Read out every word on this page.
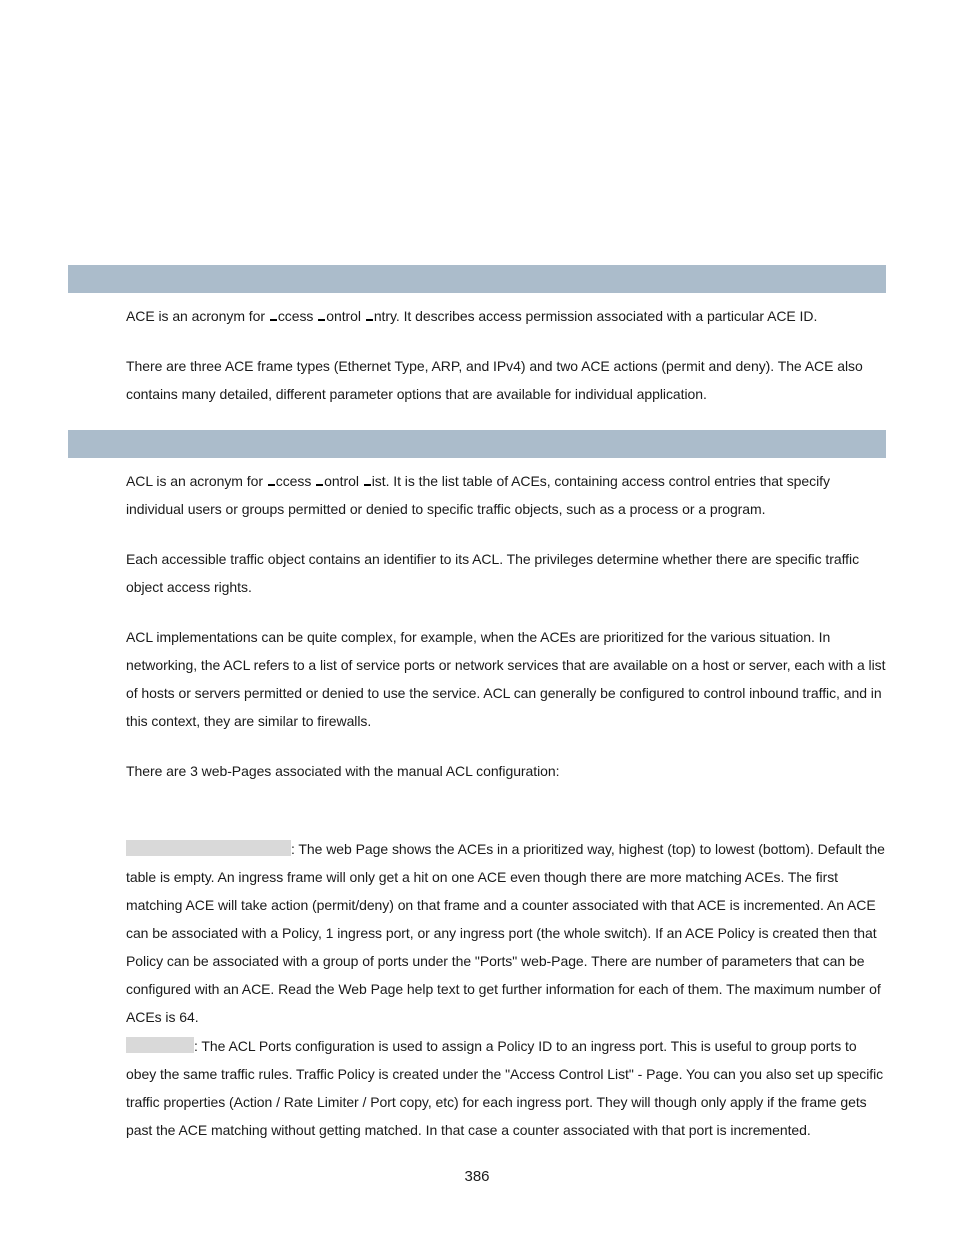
ACE is an acronym for ccess ontrol ntry. It describes access permission associated with a particular ACE ID.

There are three ACE frame types (Ethernet Type, ARP, and IPv4) and two ACE actions (permit and deny). The ACE also contains many detailed, different parameter options that are available for individual application.

ACL is an acronym for ccess ontrol ist. It is the list table of ACEs, containing access control entries that specify individual users or groups permitted or denied to specific traffic objects, such as a process or a program.

Each accessible traffic object contains an identifier to its ACL. The privileges determine whether there are specific traffic object access rights.

ACL implementations can be quite complex, for example, when the ACEs are prioritized for the various situation. In networking, the ACL refers to a list of service ports or network services that are available on a host or server, each with a list of hosts or servers permitted or denied to use the service. ACL can generally be configured to control inbound traffic, and in this context, they are similar to firewalls.

There are 3 web-Pages associated with the manual ACL configuration:

: The web Page shows the ACEs in a prioritized way, highest (top) to lowest (bottom). Default the table is empty. An ingress frame will only get a hit on one ACE even though there are more matching ACEs. The first matching ACE will take action (permit/deny) on that frame and a counter associated with that ACE is incremented. An ACE can be associated with a Policy, 1 ingress port, or any ingress port (the whole switch). If an ACE Policy is created then that Policy can be associated with a group of ports under the "Ports" web-Page. There are number of parameters that can be configured with an ACE. Read the Web Page help text to get further information for each of them. The maximum number of ACEs is 64.

: The ACL Ports configuration is used to assign a Policy ID to an ingress port. This is useful to group ports to obey the same traffic rules. Traffic Policy is created under the "Access Control List" - Page. You can you also set up specific traffic properties (Action / Rate Limiter / Port copy, etc) for each ingress port. They will though only apply if the frame gets past the ACE matching without getting matched. In that case a counter associated with that port is incremented.

386
